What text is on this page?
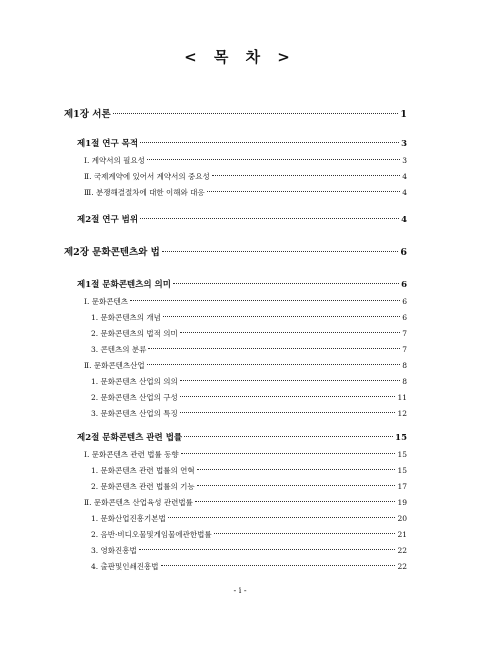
< 목 차 >
제1장 서론	1
제1절 연구 목적	3
Ⅰ. 계약서의 필요성	3
Ⅱ. 국제계약에 있어서 계약서의 중요성	4
Ⅲ. 분쟁해결절차에 대한 이해와 대응	4
제2절 연구 범위	4
제2장 문화콘텐츠와 법	6
제1절 문화콘텐츠의 의미	6
Ⅰ. 문화콘텐츠	6
1. 문화콘텐츠의 개념	6
2. 문화콘텐츠의 법적 의미	7
3. 콘텐츠의 분류	7
Ⅱ. 문화콘텐츠산업	8
1. 문화콘텐츠 산업의 의의	8
2. 문화콘텐츠 산업의 구성	11
3. 문화콘텐츠 산업의 특징	12
제2절 문화콘텐츠 관련 법률	15
Ⅰ. 문화콘텐츠 관련 법률 동향	15
1. 문화콘텐츠 관련 법률의 연혁	15
2. 문화콘텐츠 관련 법률의 기능	17
Ⅱ. 문화콘텐츠 산업육성 관련법률	19
1. 문화산업진흥기본법	20
2. 음반·비디오물및게임물에관한법률	21
3. 영화진흥법	22
4. 출판및인쇄진흥법	22
- i -
